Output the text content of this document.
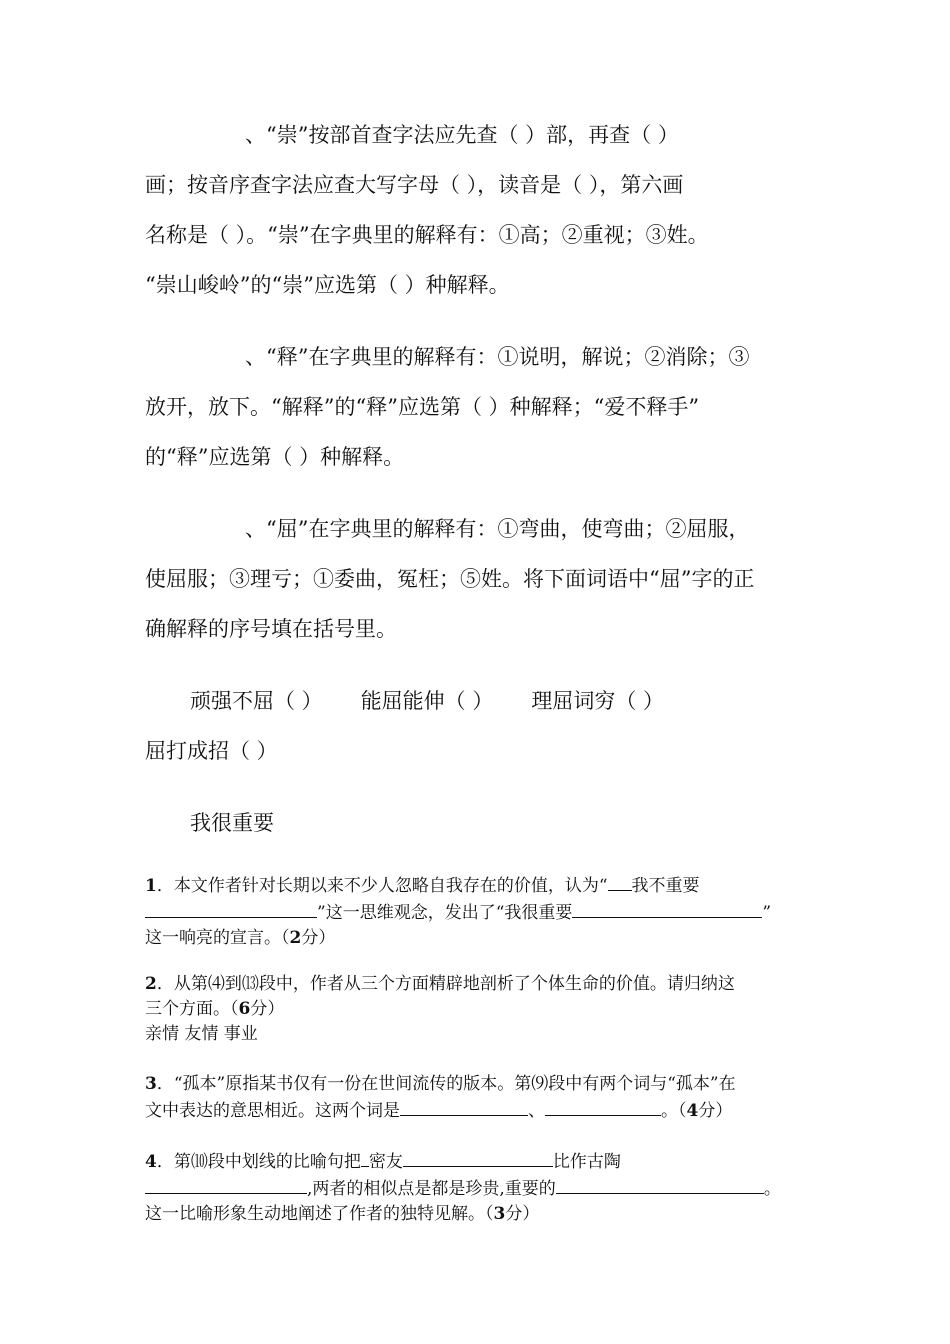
、“崇”按部首查字法应先查（ ）部，再查（ ）
画；按音序查字法应查大写字母（ ），读音是（ ），第六画
名称是（ ）。“崇”在字典里的解释有：①高；②重视；③姓。
“崇山峻岭”的“崇”应选第（ ）种解释。

、“释”在字典里的解释有：①说明，解说；②消除；③
放开，放下。“解释”的“释”应选第（ ）种解释；“爱不释手”
的“释”应选第（ ）种解释。

、“屈”在字典里的解释有：①弯曲，使弯曲；②屈服，
使屈服；③理亏；①委曲，冤枉；⑤姓。将下面词语中“屈”字的正
确解释的序号填在括号里。

顽强不屈（ ） 能屈能伸（ ） 理屈词穷（ ）
屈打成招（ ）
我很重要
1．本文作者针对长期以来不少人忽略自我存在的价值，认为“ 我不重要
”这一思维观念，发出了“我很重要	”
这一响亮的宣言。（2分）
2．从第⑷到⒀段中，作者从三个方面精辟地剖析了个体生命的价值。请归纳这
三个方面。（6分）
亲情 友情 事业
3．“孤本”原指某书仅有一份在世间流传的版本。第⑼段中有两个词与“孤本”在
文中表达的意思相近。这两个词是	、	。（4分）
4．第⑽段中划线的比喻句把 密友	比作古陶
,两者的相似点是都是珍贵,重要的	。
这一比喻形象生动地阐述了作者的独特见解。（3分）
